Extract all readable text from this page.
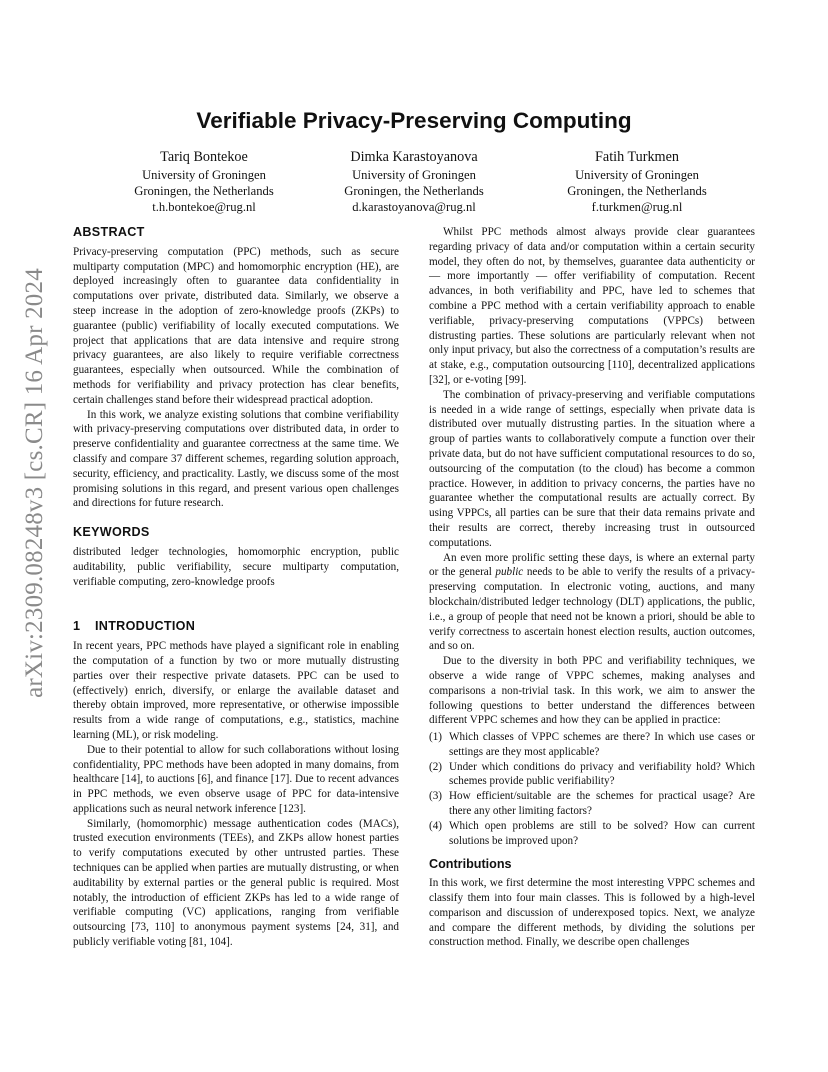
arXiv:2309.08248v3 [cs.CR] 16 Apr 2024
Verifiable Privacy-Preserving Computing
Tariq Bontekoe
University of Groningen
Groningen, the Netherlands
t.h.bontekoe@rug.nl
Dimka Karastoyanova
University of Groningen
Groningen, the Netherlands
d.karastoyanova@rug.nl
Fatih Turkmen
University of Groningen
Groningen, the Netherlands
f.turkmen@rug.nl
ABSTRACT

Privacy-preserving computation (PPC) methods, such as secure multiparty computation (MPC) and homomorphic encryption (HE), are deployed increasingly often to guarantee data confidentiality in computations over private, distributed data. Similarly, we observe a steep increase in the adoption of zero-knowledge proofs (ZKPs) to guarantee (public) verifiability of locally executed computations. We project that applications that are data intensive and require strong privacy guarantees, are also likely to require verifiable correctness guarantees, especially when outsourced. While the combination of methods for verifiability and privacy protection has clear benefits, certain challenges stand before their widespread practical adoption.

In this work, we analyze existing solutions that combine verifiability with privacy-preserving computations over distributed data, in order to preserve confidentiality and guarantee correctness at the same time. We classify and compare 37 different schemes, regarding solution approach, security, efficiency, and practicality. Lastly, we discuss some of the most promising solutions in this regard, and present various open challenges and directions for future research.

KEYWORDS

distributed ledger technologies, homomorphic encryption, public auditability, public verifiability, secure multiparty computation, verifiable computing, zero-knowledge proofs

1 INTRODUCTION

In recent years, PPC methods have played a significant role in enabling the computation of a function by two or more mutually distrusting parties over their respective private datasets. PPC can be used to (effectively) enrich, diversify, or enlarge the available dataset and thereby obtain improved, more representative, or otherwise impossible results from a wide range of computations, e.g., statistics, machine learning (ML), or risk modeling.

Due to their potential to allow for such collaborations without losing confidentiality, PPC methods have been adopted in many domains, from healthcare [14], to auctions [6], and finance [17]. Due to recent advances in PPC methods, we even observe usage of PPC for data-intensive applications such as neural network inference [123].

Similarly, (homomorphic) message authentication codes (MACs), trusted execution environments (TEEs), and ZKPs allow honest parties to verify computations executed by other untrusted parties. These techniques can be applied when parties are mutually distrusting, or when auditability by external parties or the general public is required. Most notably, the introduction of efficient ZKPs has led to a wide range of verifiable computing (VC) applications, ranging from verifiable outsourcing [73, 110] to anonymous payment systems [24, 31], and publicly verifiable voting [81, 104].

Whilst PPC methods almost always provide clear guarantees regarding privacy of data and/or computation within a certain security model, they often do not, by themselves, guarantee data authenticity or — more importantly — offer verifiability of computation. Recent advances, in both verifiability and PPC, have led to schemes that combine a PPC method with a certain verifiability approach to enable verifiable, privacy-preserving computations (VPPCs) between distrusting parties. These solutions are particularly relevant when not only input privacy, but also the correctness of a computation’s results are at stake, e.g., computation outsourcing [110], decentralized applications [32], or e-voting [99].

The combination of privacy-preserving and verifiable computations is needed in a wide range of settings, especially when private data is distributed over mutually distrusting parties. In the situation where a group of parties wants to collaboratively compute a function over their private data, but do not have sufficient computational resources to do so, outsourcing of the computation (to the cloud) has become a common practice. However, in addition to privacy concerns, the parties have no guarantee whether the computational results are actually correct. By using VPPCs, all parties can be sure that their data remains private and their results are correct, thereby increasing trust in outsourced computations.

An even more prolific setting these days, is where an external party or the general public needs to be able to verify the results of a privacy-preserving computation. In electronic voting, auctions, and many blockchain/distributed ledger technology (DLT) applications, the public, i.e., a group of people that need not be known a priori, should be able to verify correctness to ascertain honest election results, auction outcomes, and so on.

Due to the diversity in both PPC and verifiability techniques, we observe a wide range of VPPC schemes, making analyses and comparisons a non-trivial task. In this work, we aim to answer the following questions to better understand the differences between different VPPC schemes and how they can be applied in practice:

(1) Which classes of VPPC schemes are there? In which use cases or settings are they most applicable?
(2) Under which conditions do privacy and verifiability hold? Which schemes provide public verifiability?
(3) How efficient/suitable are the schemes for practical usage? Are there any other limiting factors?
(4) Which open problems are still to be solved? How can current solutions be improved upon?
Contributions

In this work, we first determine the most interesting VPPC schemes and classify them into four main classes. This is followed by a high-level comparison and discussion of underexposed topics. Next, we analyze and compare the different methods, by dividing the solutions per construction method. Finally, we describe open challenges
